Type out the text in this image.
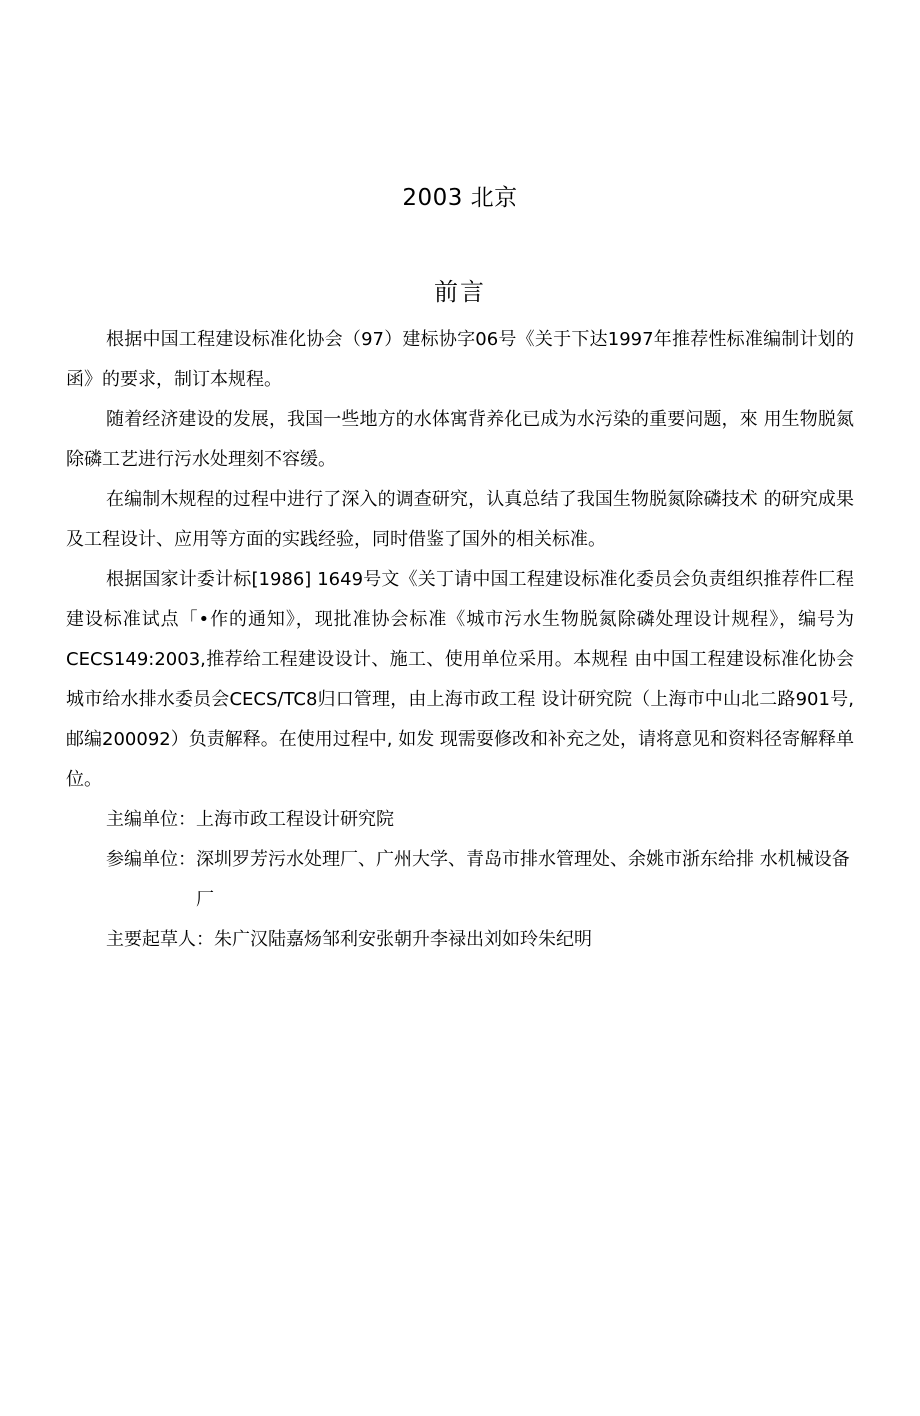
2003 北京
前言

根据中国工程建设标准化协会（97）建标协字06号《关于下达1997年推荐性标准编制计划的函》的要求，制订本规程。

随着经济建设的发展，我国一些地方的水体寓背养化已成为水污染的重要问题，來 用生物脱氮除磷工艺进行污水处理刻不容缓。

在编制木规程的过程中进行了深入的调查研究，认真总结了我国生物脱氮除磷技术 的研究成果及工程设计、应用等方面的实践经验，同时借鉴了国外的相关标准。

根据国家计委计标[1986] 1649号文《关丁请中国工程建设标准化委员会负责组织推荐件匚程建设标准试点「•作的通知》，现批准协会标准《城市污水生物脱氮除磷处理设计规程》，编号为CECS149:2003,推荐给工程建设设计、施工、使用单位采用。本规程 由中国工程建设标准化协会城市给水排水委员会CECS/TC8归口管理，由上海市政工程 设计研究院（上海市中山北二路901号, 邮编200092）负责解释。在使用过程中, 如发 现需耍修改和补充之处，请将意见和资料径寄解释单位。

主编单位： 上海市政工程设计研究院
参编单位： 深圳罗芳污水处理厂、广州大学、青岛市排水管理处、余姚市浙东给排 水机械设备厂
主要起草人： 朱广汉陆嘉炀邹利安张朝升李禄出刘如玲朱纪明
